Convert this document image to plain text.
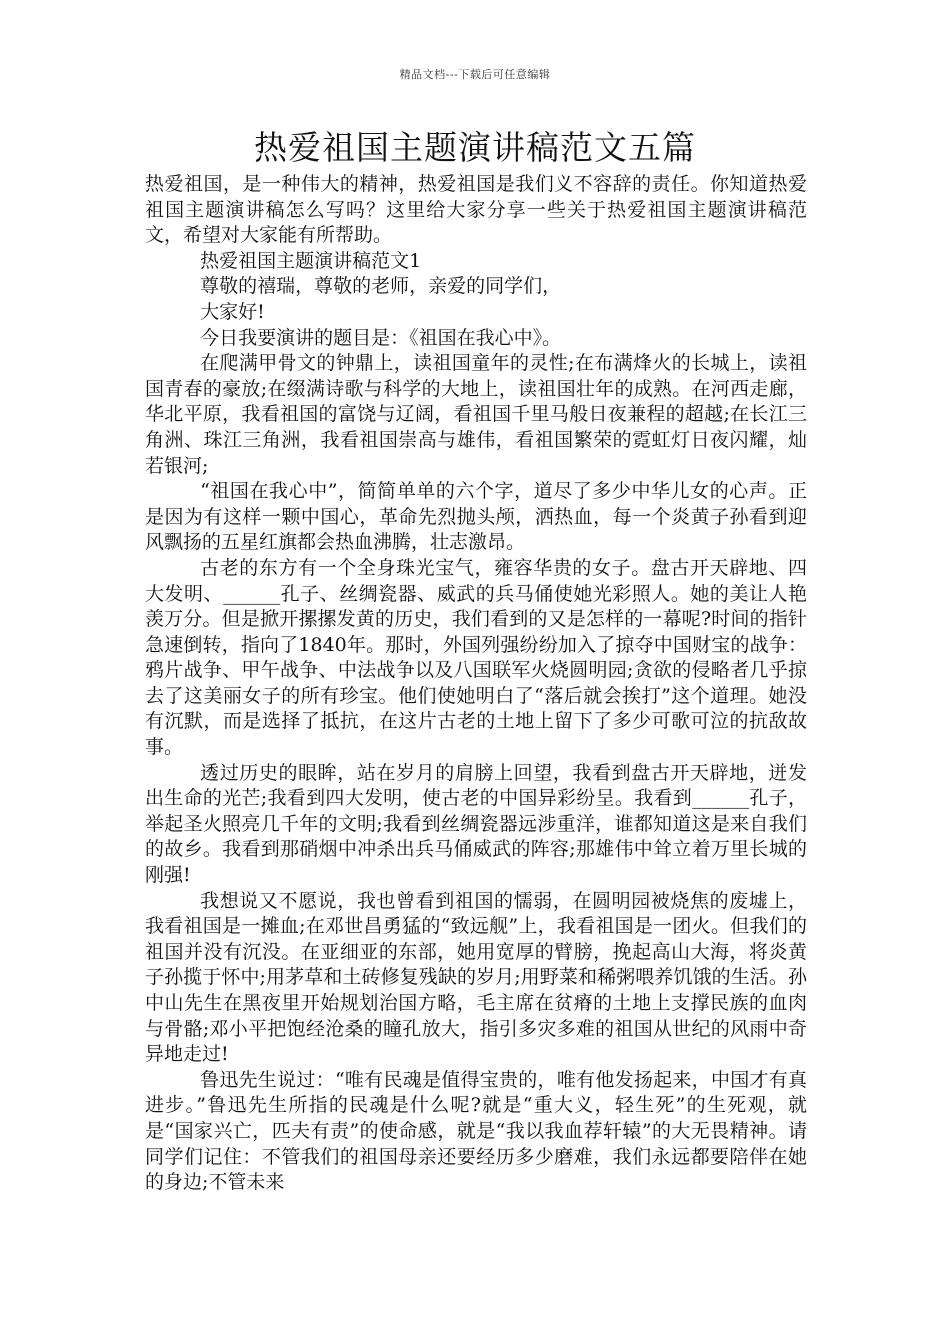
精品文档---下载后可任意编辑
热爱祖国主题演讲稿范文五篇

热爱祖国，是一种伟大的精神，热爱祖国是我们义不容辞的责任。你知道热爱祖国主题演讲稿怎么写吗？这里给大家分享一些关于热爱祖国主题演讲稿范文，希望对大家能有所帮助。

热爱祖国主题演讲稿范文1

尊敬的禧瑞，尊敬的老师，亲爱的同学们，

大家好!

今日我要演讲的题目是：《祖国在我心中》。

在爬满甲骨文的钟鼎上，读祖国童年的灵性;在布满烽火的长城上，读祖国青春的豪放;在缀满诗歌与科学的大地上，读祖国壮年的成熟。在河西走廊，华北平原，我看祖国的富饶与辽阔，看祖国千里马般日夜兼程的超越;在长江三角洲、珠江三角洲，我看祖国崇高与雄伟，看祖国繁荣的霓虹灯日夜闪耀，灿若银河;

“祖国在我心中”，简简单单的六个字，道尽了多少中华儿女的心声。正是因为有这样一颗中国心，革命先烈抛头颅，洒热血，每一个炎黄子孙看到迎风飘扬的五星红旗都会热血沸腾，壮志激昂。

古老的东方有一个全身珠光宝气，雍容华贵的女子。盘古开天辟地、四大发明、______孔子、丝绸瓷器、威武的兵马俑使她光彩照人。她的美让人艳羡万分。但是掀开摞摞发黄的历史，我们看到的又是怎样的一幕呢?时间的指针急速倒转，指向了1840年。那时，外国列强纷纷加入了掠夺中国财宝的战争：鸦片战争、甲午战争、中法战争以及八国联军火烧圆明园;贪欲的侵略者几乎掠去了这美丽女子的所有珍宝。他们使她明白了“落后就会挨打”这个道理。她没有沉默，而是选择了抵抗，在这片古老的土地上留下了多少可歌可泣的抗敌故事。

透过历史的眼眸，站在岁月的肩膀上回望，我看到盘古开天辟地，迸发出生命的光芒;我看到四大发明，使古老的中国异彩纷呈。我看到______孔子，举起圣火照亮几千年的文明;我看到丝绸瓷器远涉重洋，谁都知道这是来自我们的故乡。我看到那硝烟中冲杀出兵马俑威武的阵容;那雄伟中耸立着万里长城的刚强!

我想说又不愿说，我也曾看到祖国的懦弱，在圆明园被烧焦的废墟上，我看祖国是一摊血;在邓世昌勇猛的“致远舰”上，我看祖国是一团火。但我们的祖国并没有沉没。在亚细亚的东部，她用宽厚的臂膀，挽起高山大海，将炎黄子孙揽于怀中;用茅草和土砖修复残缺的岁月;用野菜和稀粥喂养饥饿的生活。孙中山先生在黑夜里开始规划治国方略，毛主席在贫瘠的土地上支撑民族的血肉与骨骼;邓小平把饱经沧桑的瞳孔放大，指引多灾多难的祖国从世纪的风雨中奇异地走过!

鲁迅先生说过：“唯有民魂是值得宝贵的，唯有他发扬起来，中国才有真进步。”鲁迅先生所指的民魂是什么呢?就是“重大义，轻生死”的生死观，就是“国家兴亡，匹夫有责”的使命感，就是“我以我血荐轩辕”的大无畏精神。请同学们记住：不管我们的祖国母亲还要经历多少磨难，我们永远都要陪伴在她的身边;不管未来
